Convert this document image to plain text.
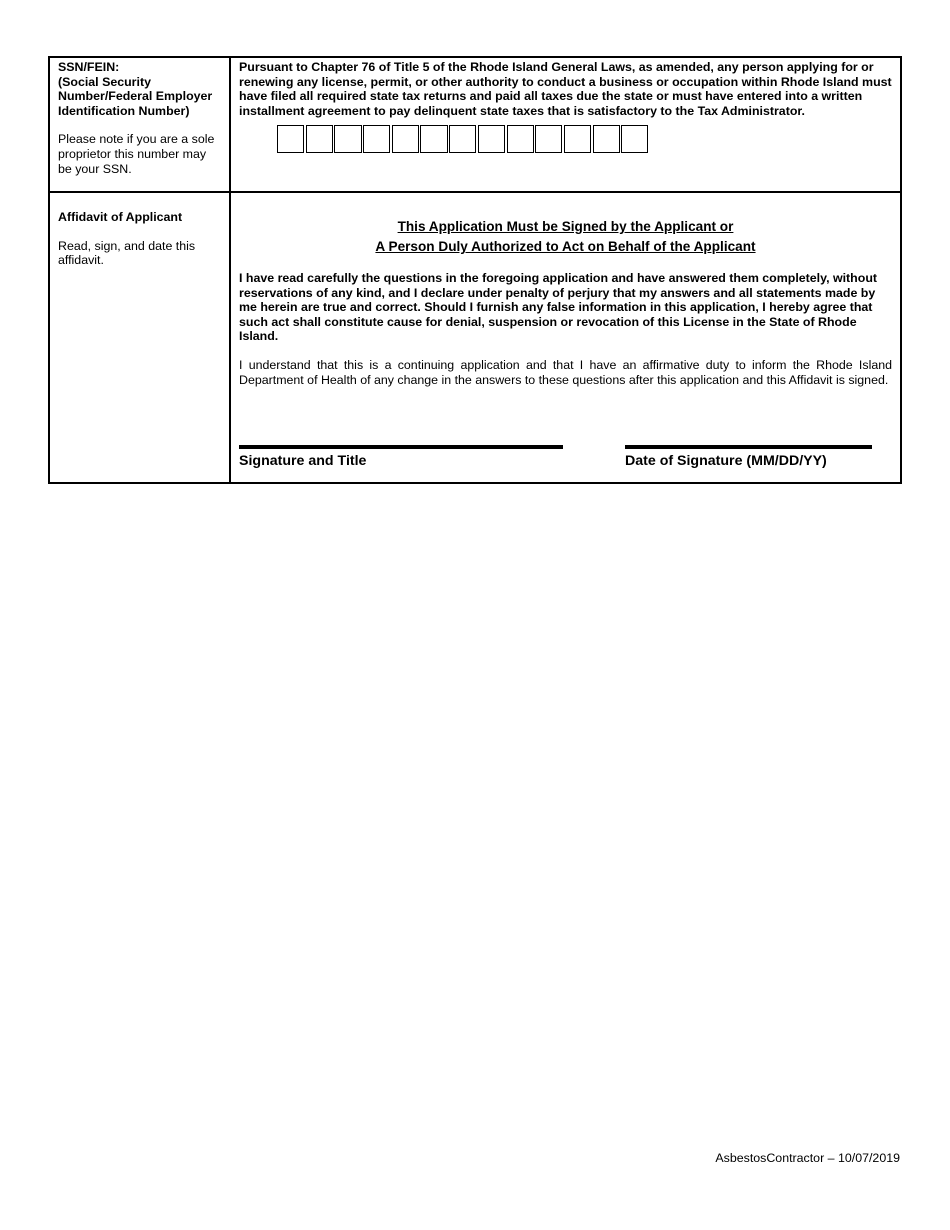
SSN/FEIN:
(Social Security
Number/Federal Employer
Identification Number)
Please note if you are a sole proprietor this number may be your SSN.
Pursuant to Chapter 76 of Title 5 of the Rhode Island General Laws, as amended, any person applying for or renewing any license, permit, or other authority to conduct a business or occupation within Rhode Island must have filed all required state tax returns and paid all taxes due the state or must have entered into a written installment agreement to pay delinquent state taxes that is satisfactory to the Tax Administrator.
Affidavit of Applicant
Read, sign, and date this affidavit.
This Application Must be Signed by the Applicant or
A Person Duly Authorized to Act on Behalf of the Applicant
I have read carefully the questions in the foregoing application and have answered them completely, without reservations of any kind, and I declare under penalty of perjury that my answers and all statements made by me herein are true and correct. Should I furnish any false information in this application, I hereby agree that such act shall constitute cause for denial, suspension or revocation of this License in the State of Rhode Island.
I understand that this is a continuing application and that I have an affirmative duty to inform the Rhode Island Department of Health of any change in the answers to these questions after this application and this Affidavit is signed.
Signature and Title	Date of Signature (MM/DD/YY)
AsbestosContractor – 10/07/2019
